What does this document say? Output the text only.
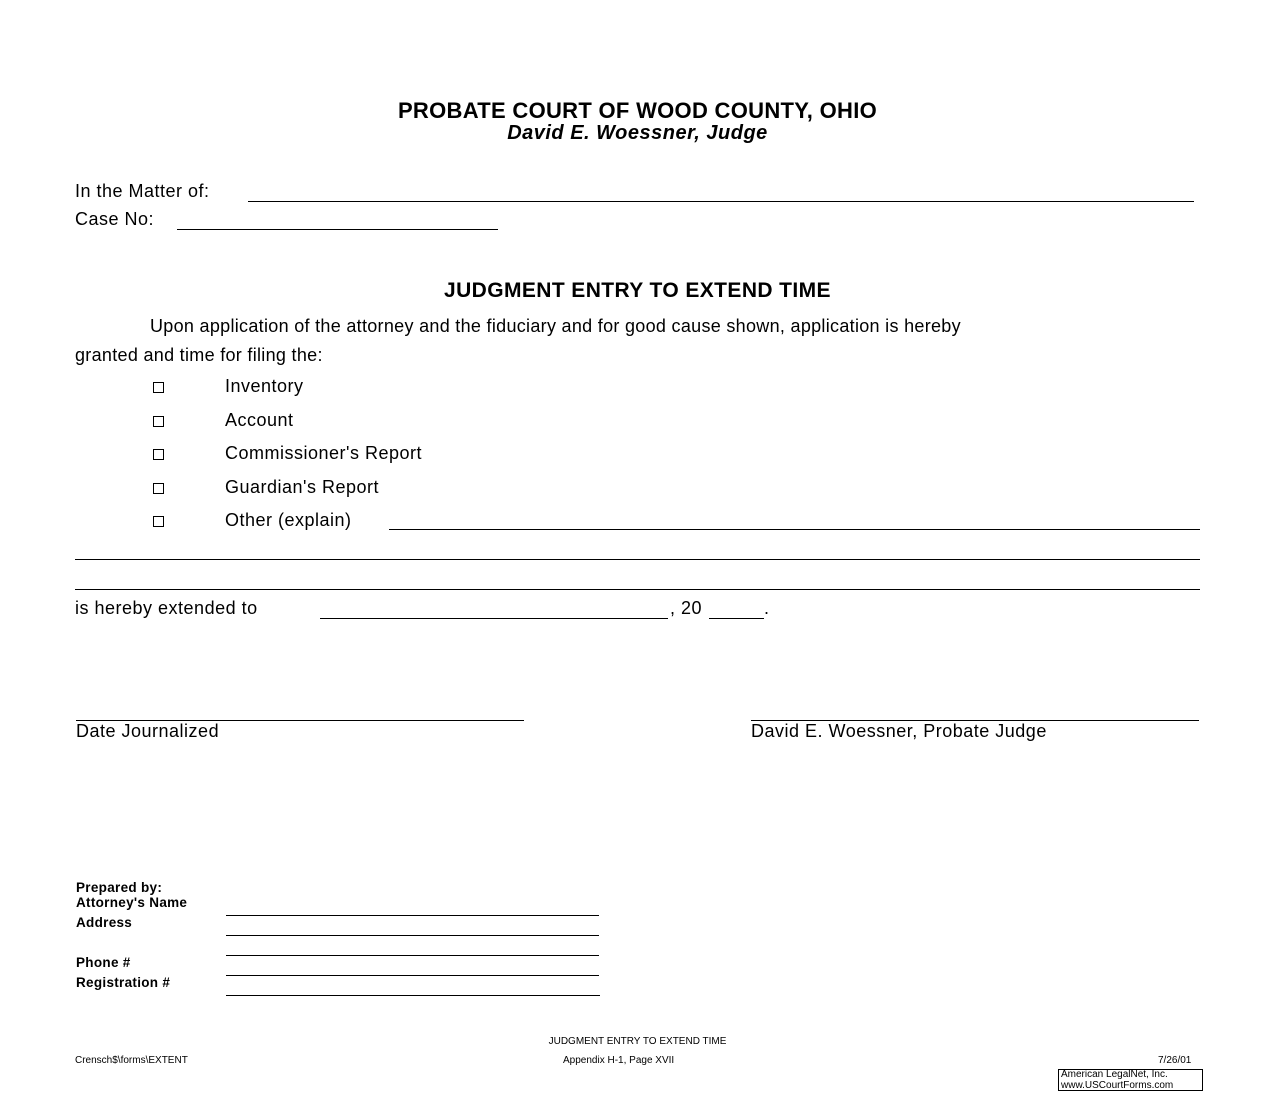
PROBATE COURT OF WOOD COUNTY, OHIO
David E. Woessner, Judge
In the Matter of:
Case No:
JUDGMENT ENTRY TO EXTEND TIME
Upon application of the attorney and the fiduciary and for good cause shown, application is hereby
granted and time for filing the:
Inventory
Account
Commissioner's Report
Guardian's Report
Other (explain)
is hereby extended to	, 20	.
Date Journalized	David E. Woessner, Probate Judge
Prepared by:
Attorney's Name
Address
Phone #
Registration #
JUDGMENT ENTRY TO EXTEND TIME
Crensch$\forms\EXTENT	Appendix H-1, Page XVII	7/26/01
American LegalNet, Inc.
www.USCourtForms.com
